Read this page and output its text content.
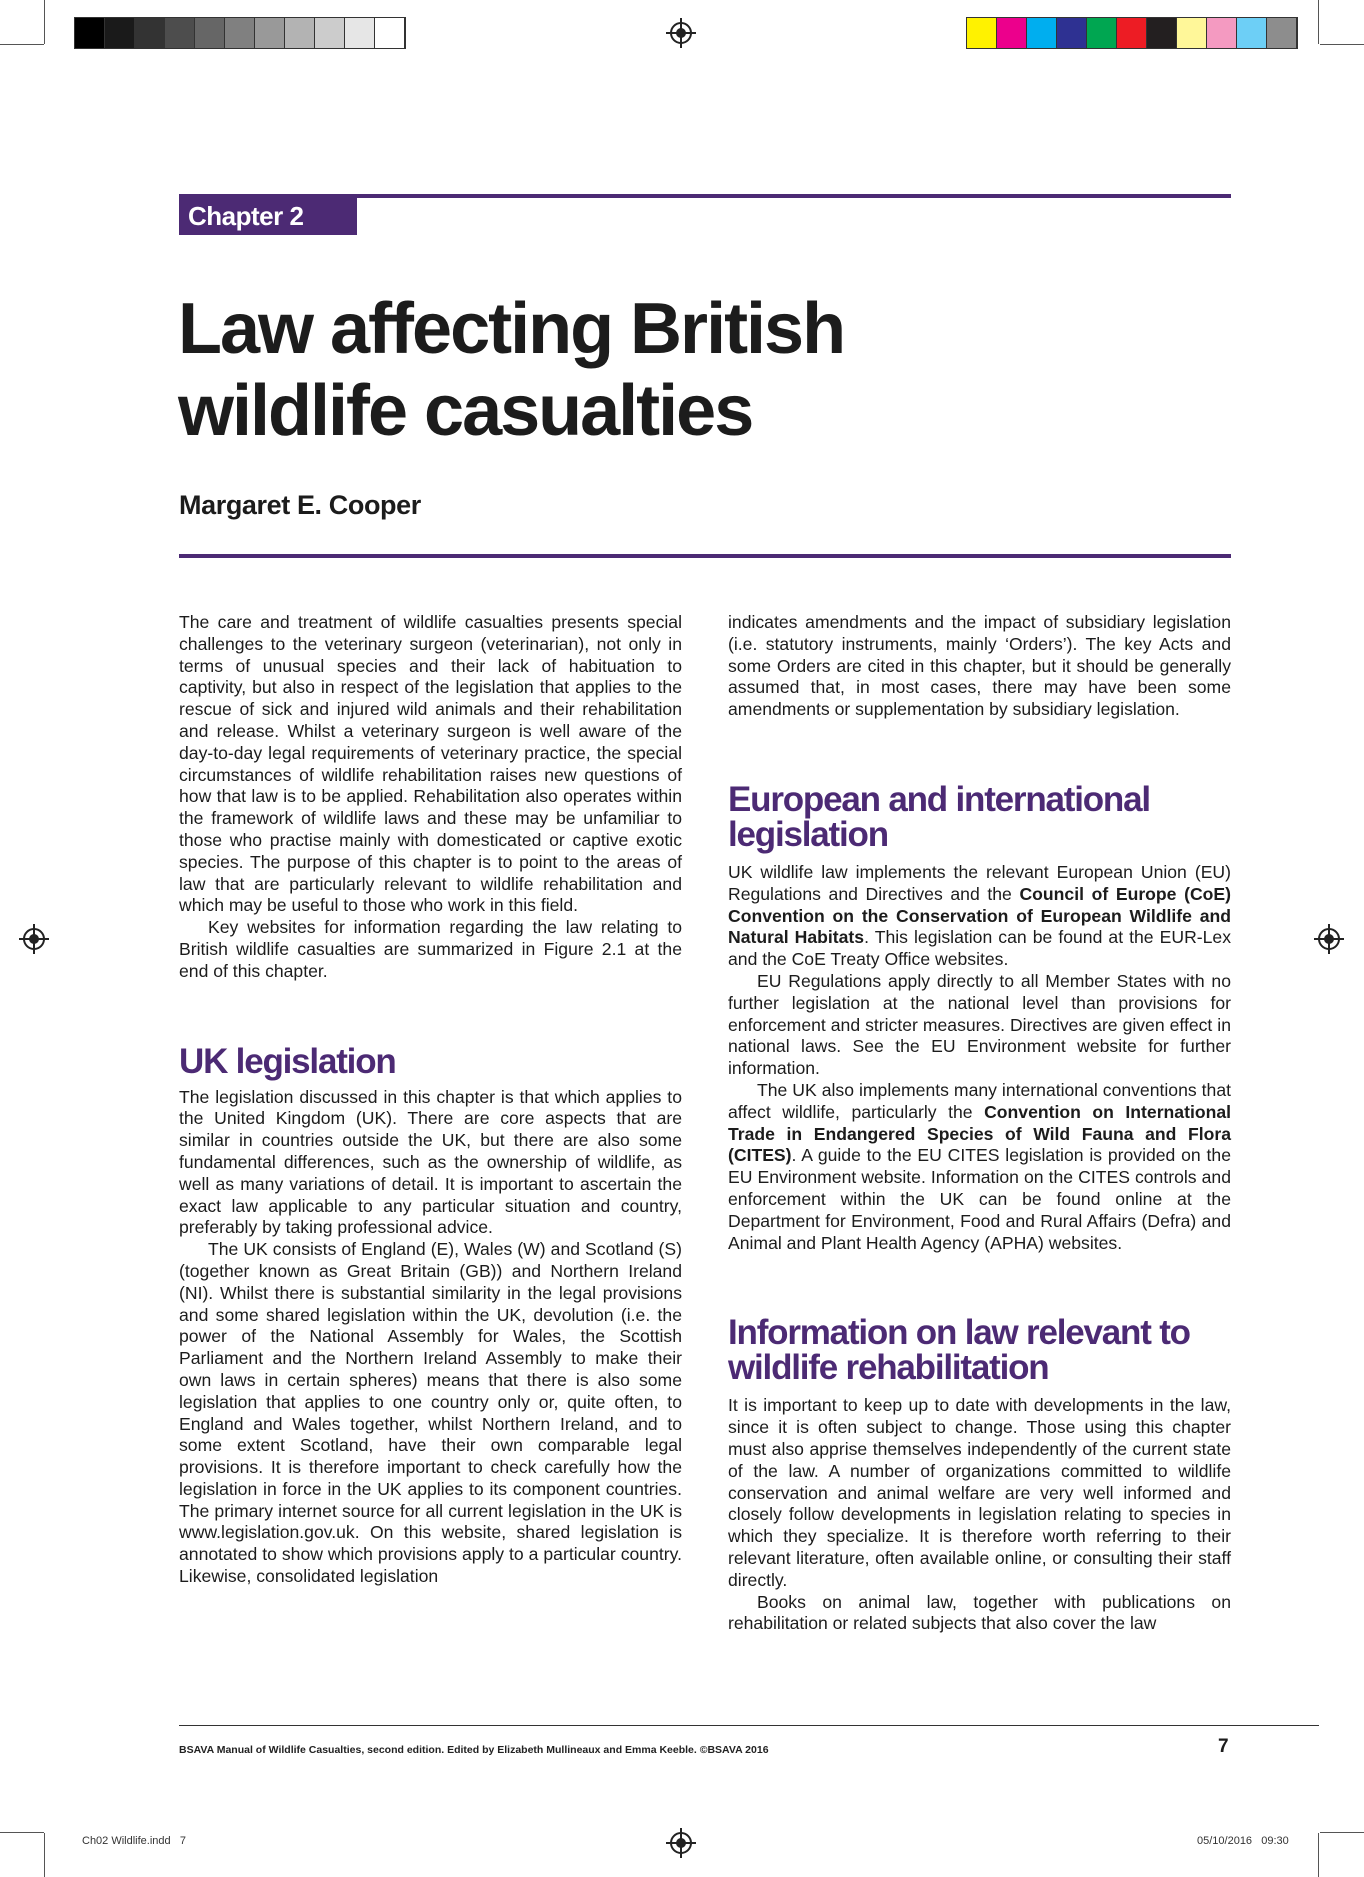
Chapter 2
Law affecting British wildlife casualties

Margaret E. Cooper

The care and treatment of wildlife casualties presents special challenges to the veterinary surgeon (veterinarian), not only in terms of unusual species and their lack of habituation to captivity, but also in respect of the legislation that applies to the rescue of sick and injured wild animals and their rehabilitation and release. Whilst a veterinary surgeon is well aware of the day-to-day legal requirements of veterinary practice, the special circumstances of wildlife rehabilitation raises new questions of how that law is to be applied. Rehabilitation also operates within the framework of wildlife laws and these may be unfamiliar to those who practise mainly with domesticated or captive exotic species. The purpose of this chapter is to point to the areas of law that are particularly relevant to wildlife rehabilitation and which may be useful to those who work in this field.

Key websites for information regarding the law relating to British wildlife casualties are summarized in Figure 2.1 at the end of this chapter.

UK legislation

The legislation discussed in this chapter is that which applies to the United Kingdom (UK). There are core aspects that are similar in countries outside the UK, but there are also some fundamental differences, such as the ownership of wildlife, as well as many variations of detail. It is important to ascertain the exact law applicable to any particular situation and country, preferably by taking professional advice.

The UK consists of England (E), Wales (W) and Scotland (S) (together known as Great Britain (GB)) and Northern Ireland (NI). Whilst there is substantial similarity in the legal provisions and some shared legislation within the UK, devolution (i.e. the power of the National Assembly for Wales, the Scottish Parliament and the Northern Ireland Assembly to make their own laws in certain spheres) means that there is also some legislation that applies to one country only or, quite often, to England and Wales together, whilst Northern Ireland, and to some extent Scotland, have their own comparable legal provisions. It is therefore important to check carefully how the legislation in force in the UK applies to its component countries. The primary internet source for all current legislation in the UK is www.legislation.gov.uk. On this website, shared legislation is annotated to show which provisions apply to a particular country. Likewise, consolidated legislation

indicates amendments and the impact of subsidiary legislation (i.e. statutory instruments, mainly ‘Orders’). The key Acts and some Orders are cited in this chapter, but it should be generally assumed that, in most cases, there may have been some amendments or supplementation by subsidiary legislation.

European and international legislation

UK wildlife law implements the relevant European Union (EU) Regulations and Directives and the Council of Europe (CoE) Convention on the Conservation of European Wildlife and Natural Habitats. This legislation can be found at the EUR-Lex and the CoE Treaty Office websites.

EU Regulations apply directly to all Member States with no further legislation at the national level than provisions for enforcement and stricter measures. Directives are given effect in national laws. See the EU Environment website for further information.

The UK also implements many international conventions that affect wildlife, particularly the Convention on International Trade in Endangered Species of Wild Fauna and Flora (CITES). A guide to the EU CITES legislation is provided on the EU Environment website. Information on the CITES controls and enforcement within the UK can be found online at the Department for Environment, Food and Rural Affairs (Defra) and Animal and Plant Health Agency (APHA) websites.

Information on law relevant to wildlife rehabilitation

It is important to keep up to date with developments in the law, since it is often subject to change. Those using this chapter must also apprise themselves independently of the current state of the law. A number of organizations committed to wildlife conservation and animal welfare are very well informed and closely follow developments in legislation relating to species in which they specialize. It is therefore worth referring to their relevant literature, often available online, or consulting their staff directly.

Books on animal law, together with publications on rehabilitation or related subjects that also cover the law

BSAVA Manual of Wildlife Casualties, second edition. Edited by Elizabeth Mullineaux and Emma Keeble. ©BSAVA 2016	7
Ch02 Wildlife.indd   7	05/10/2016   09:30
